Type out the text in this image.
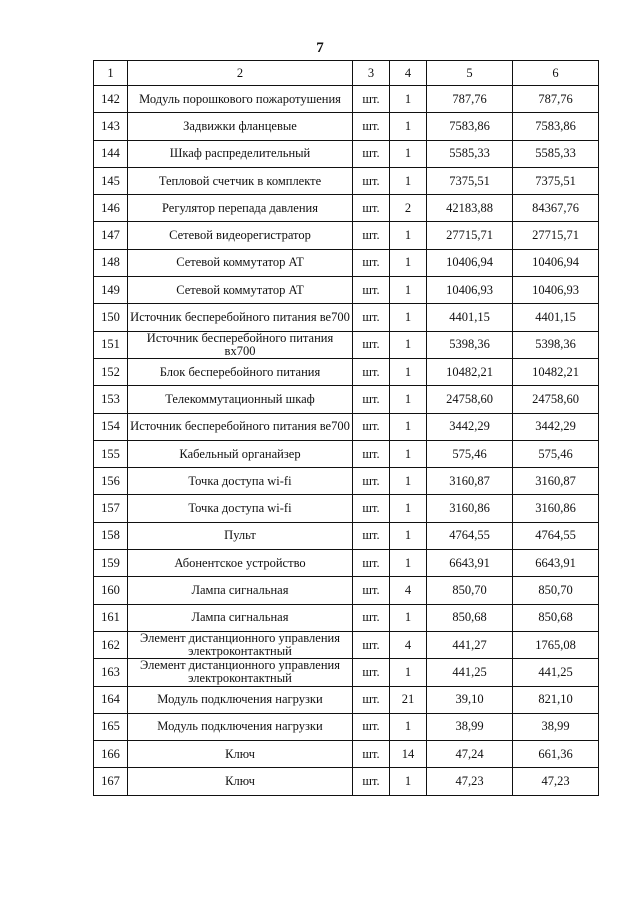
7
1	2	3	4	5	6
142	Модуль порошкового пожаротушения	шт.	1	787,76	787,76
143	Задвижки фланцевые	шт.	1	7583,86	7583,86
144	Шкаф распределительный	шт.	1	5585,33	5585,33
145	Тепловой счетчик в комплекте	шт.	1	7375,51	7375,51
146	Регулятор перепада давления	шт.	2	42183,88	84367,76
147	Сетевой видеорегистратор	шт.	1	27715,71	27715,71
148	Сетевой коммутатор AT	шт.	1	10406,94	10406,94
149	Сетевой коммутатор AT	шт.	1	10406,93	10406,93
150	Источник бесперебойного питания ве700	шт.	1	4401,15	4401,15
151	Источник бесперебойного питания вх700	шт.	1	5398,36	5398,36
152	Блок бесперебойного питания	шт.	1	10482,21	10482,21
153	Телекоммутационный шкаф	шт.	1	24758,60	24758,60
154	Источник бесперебойного питания ве700	шт.	1	3442,29	3442,29
155	Кабельный органайзер	шт.	1	575,46	575,46
156	Точка доступа wi-fi	шт.	1	3160,87	3160,87
157	Точка доступа wi-fi	шт.	1	3160,86	3160,86
158	Пульт	шт.	1	4764,55	4764,55
159	Абонентское устройство	шт.	1	6643,91	6643,91
160	Лампа сигнальная	шт.	4	850,70	850,70
161	Лампа сигнальная	шт.	1	850,68	850,68
162	Элемент дистанционного управления электроконтактный	шт.	4	441,27	1765,08
163	Элемент дистанционного управления электроконтактный	шт.	1	441,25	441,25
164	Модуль подключения нагрузки	шт.	21	39,10	821,10
165	Модуль подключения нагрузки	шт.	1	38,99	38,99
166	Ключ	шт.	14	47,24	661,36
167	Ключ	шт.	1	47,23	47,23
